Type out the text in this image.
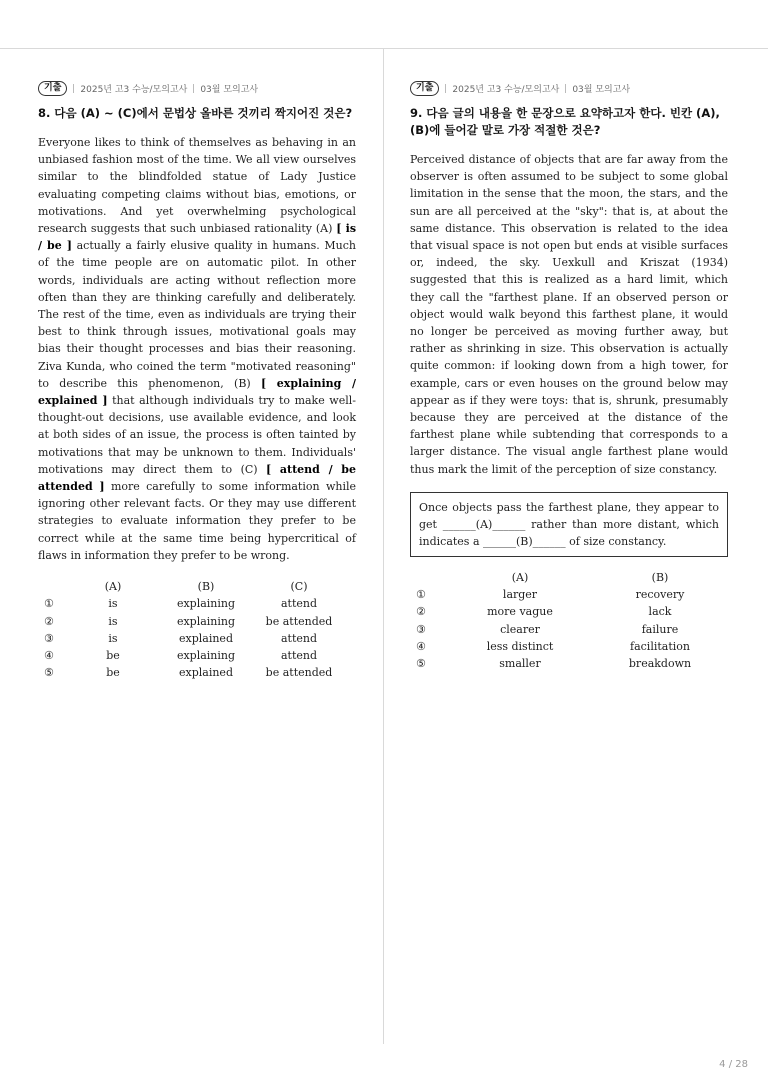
기출	2025년 고3 수능/모의고사 03월 모의고사
8. 다음 (A) ~ (C)에서 문법상 올바른 것끼리 짝지어진 것은?

Everyone likes to think of themselves as behaving in an unbiased fashion most of the time. We all view ourselves similar to the blindfolded statue of Lady Justice evaluating competing claims without bias, emotions, or motivations. And yet overwhelming psychological research suggests that such unbiased rationality (A) [ is / be ] actually a fairly elusive quality in humans. Much of the time people are on automatic pilot. In other words, individuals are acting without reflection more often than they are thinking carefully and deliberately. The rest of the time, even as individuals are trying their best to think through issues, motivational goals may bias their thought processes and bias their reasoning. Ziva Kunda, who coined the term "motivated reasoning" to describe this phenomenon, (B) [ explaining / explained ] that although individuals try to make well-thought-out decisions, use available evidence, and look at both sides of an issue, the process is often tainted by motivations that may be unknown to them. Individuals' motivations may direct them to (C) [ attend / be attended ] more carefully to some information while ignoring other relevant facts. Or they may use different strategies to evaluate information they prefer to be correct while at the same time being hypercritical of flaws in information they prefer to be wrong.

	(A)	(B)	(C)
①	is	explaining	attend
②	is	explaining	be attended
③	is	explained	attend
④	be	explaining	attend
⑤	be	explained	be attended
기출	2025년 고3 수능/모의고사 03월 모의고사
9. 다음 글의 내용을 한 문장으로 요약하고자 한다. 빈칸 (A), (B)에 들어갈 말로 가장 적절한 것은?

Perceived distance of objects that are far away from the observer is often assumed to be subject to some global limitation in the sense that the moon, the stars, and the sun are all perceived at the "sky": that is, at about the same distance. This observation is related to the idea that visual space is not open but ends at visible surfaces or, indeed, the sky. Uexkull and Kriszat (1934) suggested that this is realized as a hard limit, which they call the "farthest plane. If an observed person or object would walk beyond this farthest plane, it would no longer be perceived as moving further away, but rather as shrinking in size. This observation is actually quite common: if looking down from a high tower, for example, cars or even houses on the ground below may appear as if they were toys: that is, shrunk, presumably because they are perceived at the distance of the farthest plane while subtending that corresponds to a larger distance. The visual angle farthest plane would thus mark the limit of the perception of size constancy.

Once objects pass the farthest plane, they appear to get ______(A)______ rather than more distant, which indicates a ______(B)______ of size constancy.
	(A)	(B)
①	larger	recovery
②	more vague	lack
③	clearer	failure
④	less distinct	facilitation
⑤	smaller	breakdown
4 / 28
